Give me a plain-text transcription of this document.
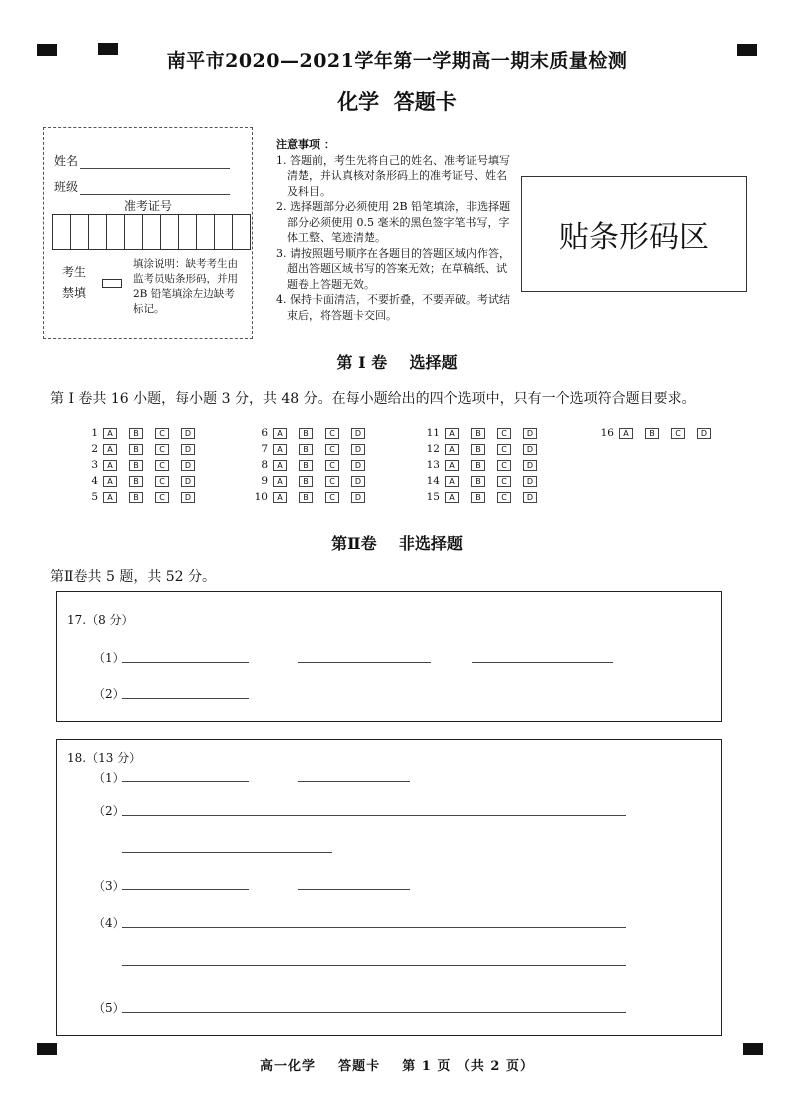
南平市2020—2021学年第一学期高一期末质量检测
化学  答题卡
姓名
班级
准考证号
考生
禁填
填涂说明：缺考考生由监考员贴条形码，并用 2B 铅笔填涂左边缺考标记。
注意事项 ：
1. 答题前，考生先将自己的姓名、准考证号填写清楚，并认真核对条形码上的准考证号、姓名及科目。
2. 选择题部分必须使用 2B 铅笔填涂，非选择题部分必须使用 0.5 毫米的黑色签字笔书写，字体工整、笔迹清楚。
3. 请按照题号顺序在各题目的答题区域内作答，超出答题区域书写的答案无效；在草稿纸、试题卷上答题无效。
4. 保持卡面清洁，不要折叠，不要弄破。考试结束后，将答题卡交回。
贴条形码区
第 I 卷    选择题
第 I 卷共 16 小题，每小题 3 分，共 48 分。在每小题给出的四个选项中，只有一个选项符合题目要求。
1	A	B	C	D
2	A	B	C	D
3	A	B	C	D
4	A	B	C	D
5	A	B	C	D
6	A	B	C	D
7	A	B	C	D
8	A	B	C	D
9	A	B	C	D
10	A	B	C	D
11	A	B	C	D
12	A	B	C	D
13	A	B	C	D
14	A	B	C	D
15	A	B	C	D
16	A	B	C	D
第Ⅱ卷    非选择题
第Ⅱ卷共 5 题，共 52 分。
17.（8 分）
（1）
（2）
18.（13 分）
（1）
（2）
（3）
（4）
（5）
高一化学    答题卡    第 1 页 （共 2 页）
